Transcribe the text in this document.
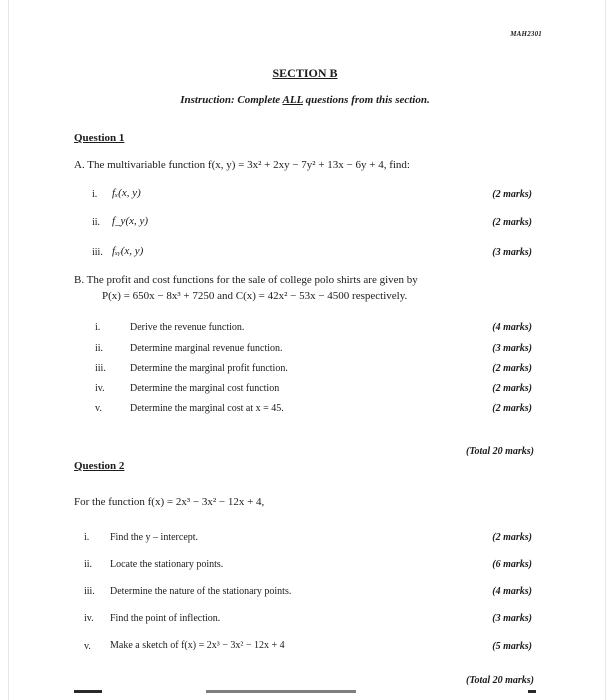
MAH2301
SECTION B
Instruction: Complete ALL questions from this section.
Question 1
A. The multivariable function f(x, y) = 3x² + 2xy − 7y² + 13x − 6y + 4, find:
i. fₓ(x, y)	(2 marks)
ii. f_y(x, y)	(2 marks)
iii. fₓᵧ(x, y)	(3 marks)
B. The profit and cost functions for the sale of college polo shirts are given by
P(x) = 650x − 8x³ + 7250 and C(x) = 42x² − 53x − 4500 respectively.
i.	Derive the revenue function.	(4 marks)
ii.	Determine marginal revenue function.	(3 marks)
iii. Determine the marginal profit function.	(2 marks)
iv.	Determine the marginal cost function	(2 marks)
v.	Determine the marginal cost at x = 45.	(2 marks)
(Total 20 marks)
Question 2
For the function f(x) = 2x³ − 3x² − 12x + 4,
i. Find the y – intercept.	(2 marks)
ii. Locate the stationary points.	(6 marks)
iii. Determine the nature of the stationary points.	(4 marks)
iv. Find the point of inflection.	(3 marks)
v. Make a sketch of f(x) = 2x³ − 3x² − 12x + 4	(5 marks)
(Total 20 marks)
